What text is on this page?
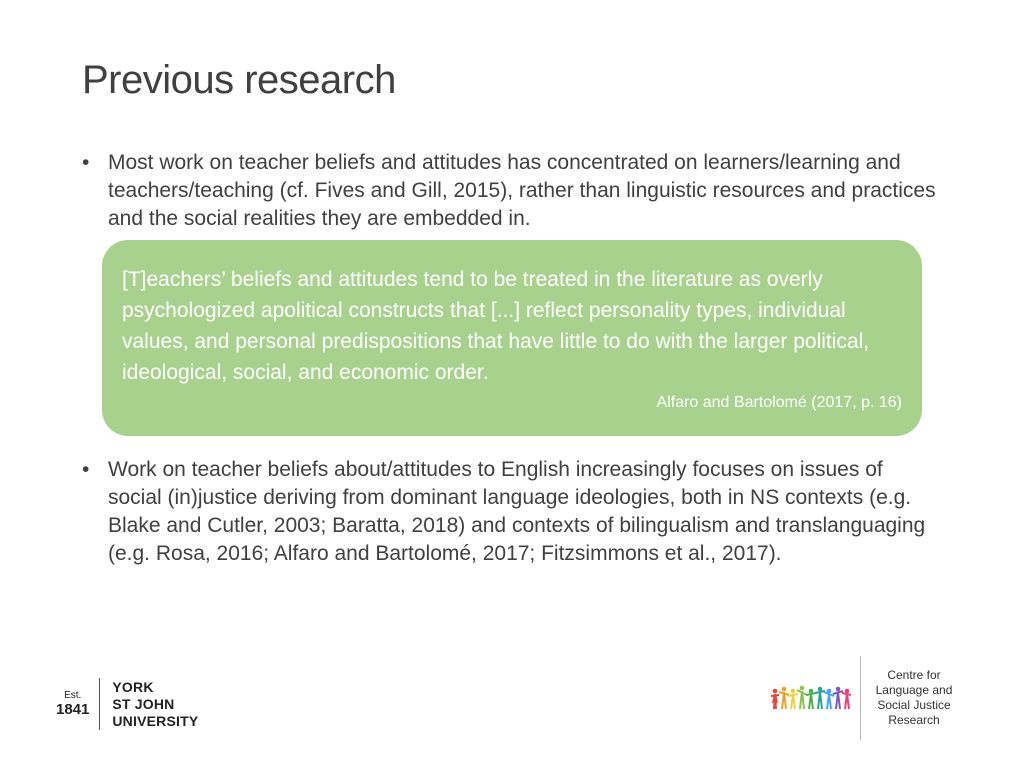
Previous research
• Most work on teacher beliefs and attitudes has concentrated on learners/learning and teachers/teaching (cf. Fives and Gill, 2015), rather than linguistic resources and practices and the social realities they are embedded in.

[T]eachers’ beliefs and attitudes tend to be treated in the literature as overly psychologized apolitical constructs that [...] reflect personality types, individual values, and personal predispositions that have little to do with the larger political, ideological, social, and economic order.

Alfaro and Bartolomé (2017, p. 16)
• Work on teacher beliefs about/attitudes to English increasingly focuses on issues of social (in)justice deriving from dominant language ideologies, both in NS contexts (e.g. Blake and Cutler, 2003; Baratta, 2018) and contexts of bilingualism and translanguaging (e.g. Rosa, 2016; Alfaro and Bartolomé, 2017; Fitzsimmons et al., 2017).
Est.
1841
YORK
ST JOHN
UNIVERSITY
Centre for
Language and
Social Justice
Research
